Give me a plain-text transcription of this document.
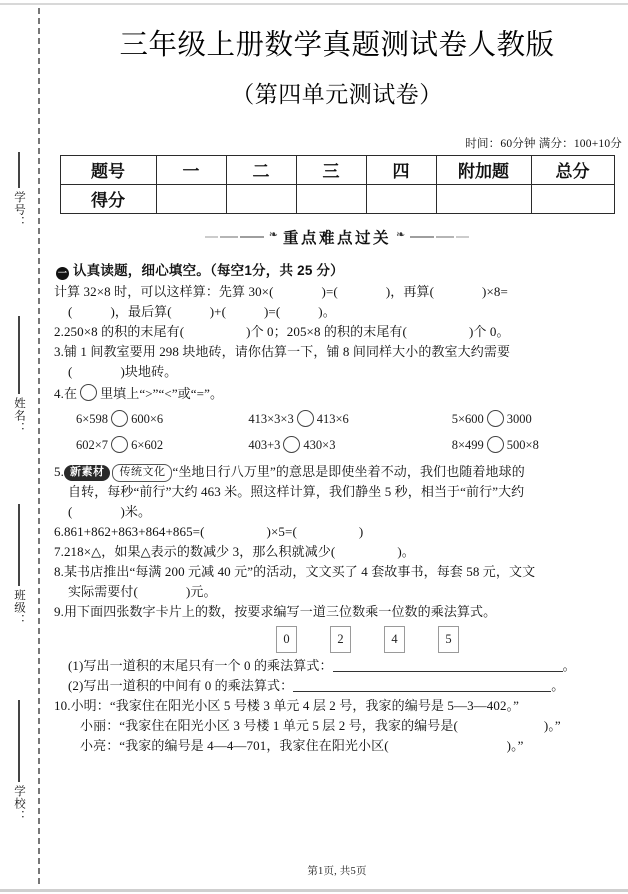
学号：
姓名：
班级：
学校：
三年级上册数学真题测试卷人教版
（第四单元测试卷）
时间：60分钟 满分：100+10分
题号	一	二	三	四	附加题	总分
得分						
❧ 重点难点过关 ❧
一 认真读题，细心填空。（每空1分，共 25 分）
计算 32×8 时，可以这样算：先算 30×(	)=(	)，再算(	)×8=
(	)，最后算(	)+(	)=(	)。
2.250×8 的积的末尾有(	)个 0；205×8 的积的末尾有(	)个 0。
3.铺 1 间教室要用 298 块地砖，请你估算一下，铺 8 间同样大小的教室大约需要
(	)块地砖。
4.在 里填上“>”“<”或“=”。
6×598 600×6	413×3×3 413×6	5×600 3000
602×7 6×602	403+3 430×3	8×499 500×8
5. 新素材 传统文化 “坐地日行八万里”的意思是即使坐着不动，我们也随着地球的
自转，每秒“前行”大约 463 米。照这样计算，我们静坐 5 秒，相当于“前行”大约
(	)米。
6.861+862+863+864+865=(	)×5=(	)
7.218×△，如果△表示的数减少 3，那么积就减少(	)。
8.某书店推出“每满 200 元减 40 元”的活动，文文买了 4 套故事书，每套 58 元，文文
实际需要付(	)元。
9.用下面四张数字卡片上的数，按要求编写一道三位数乘一位数的乘法算式。
0	2	4	5
(1)写出一道积的末尾只有一个 0 的乘法算式：	。
(2)写出一道积的中间有 0 的乘法算式：	。
10.小明：“我家住在阳光小区 5 号楼 3 单元 4 层 2 号，我家的编号是 5—3—402。”
小丽：“我家住在阳光小区 3 号楼 1 单元 5 层 2 号，我家的编号是(	)。”
小亮：“我家的编号是 4—4—701，我家住在阳光小区(	)。”
第1页, 共5页
